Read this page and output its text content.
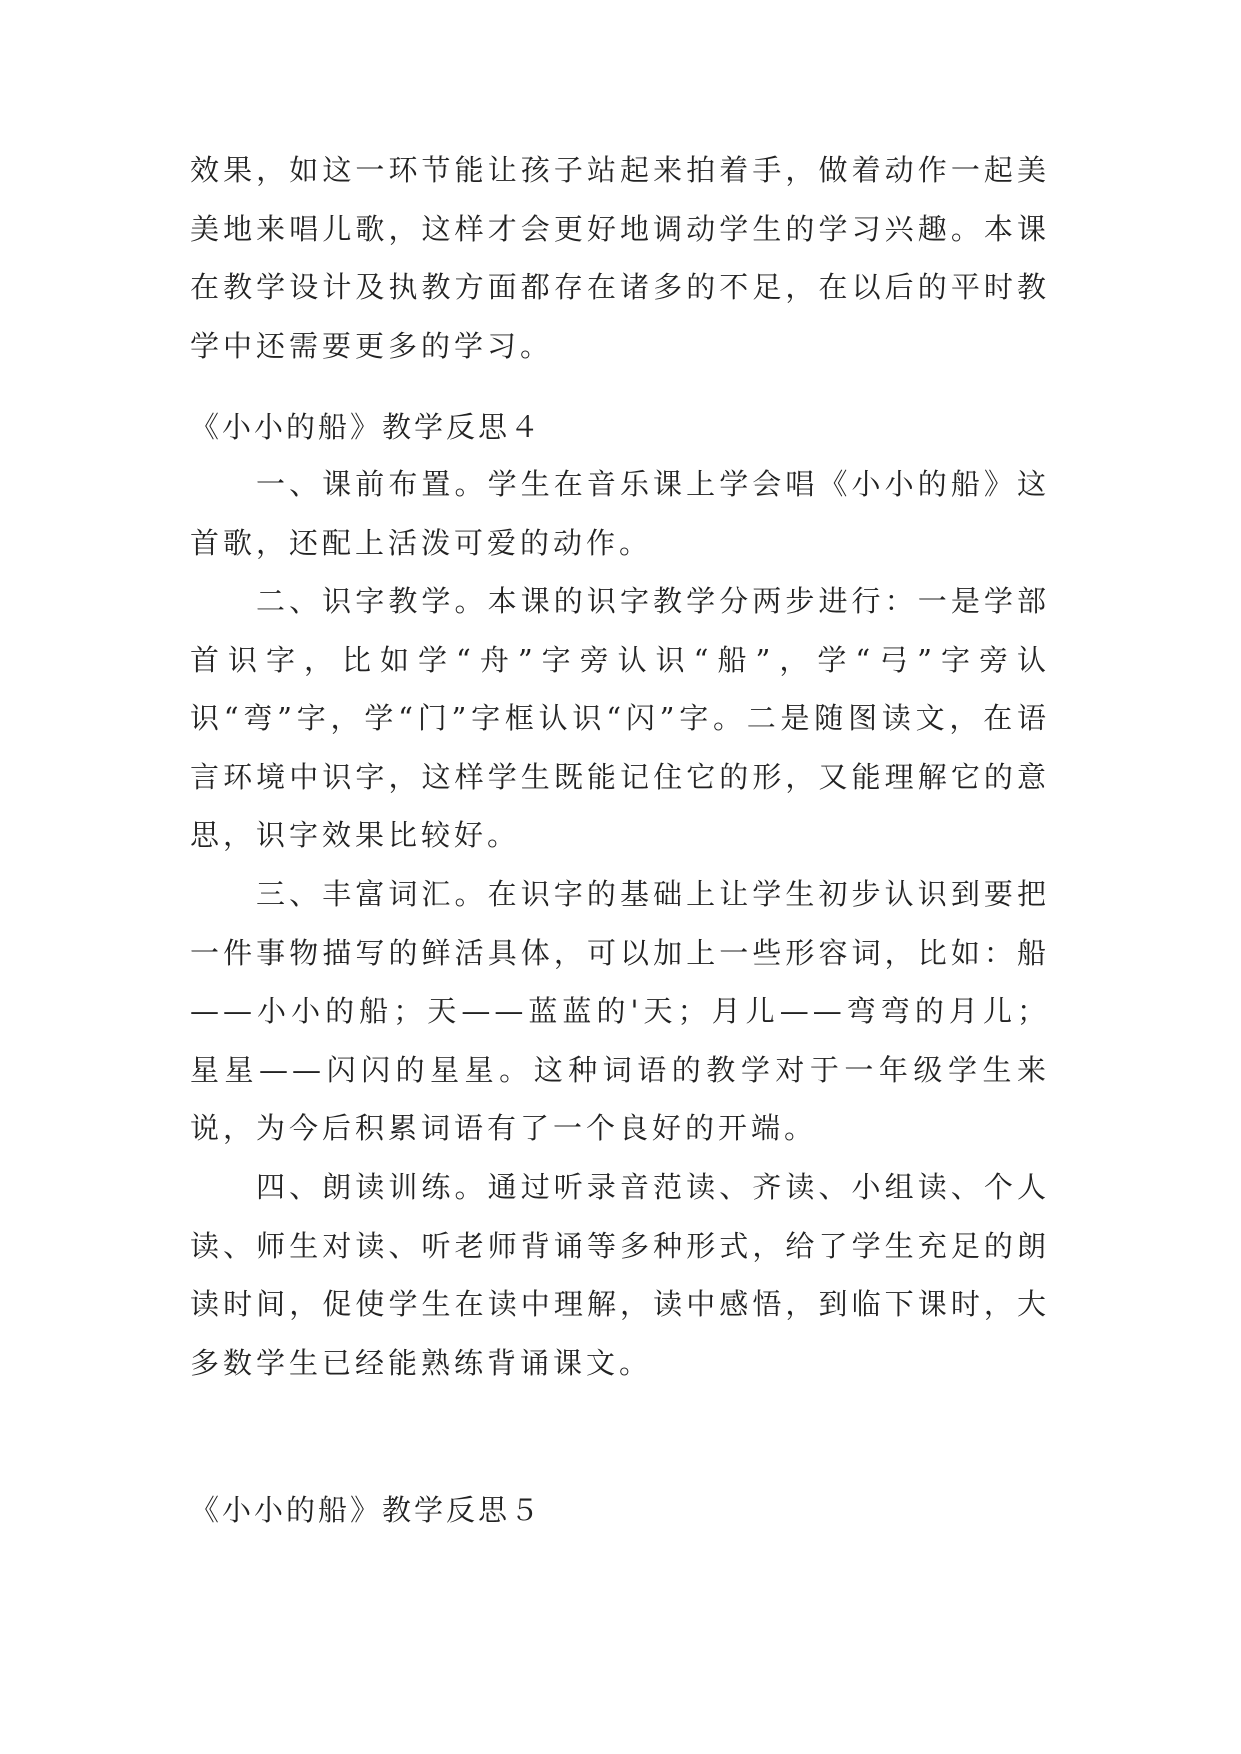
效果，如这一环节能让孩子站起来拍着手，做着动作一起美美地来唱儿歌，这样才会更好地调动学生的学习兴趣。本课在教学设计及执教方面都存在诸多的不足，在以后的平时教学中还需要更多的学习。

《小小的船》教学反思４

一、课前布置。学生在音乐课上学会唱《小小的船》这首歌，还配上活泼可爱的动作。

二、识字教学。本课的识字教学分两步进行：一是学部首识字，比如学“舟”字旁认识“船”，学“弓”字旁认识“弯”字，学“门”字框认识“闪”字。二是随图读文，在语言环境中识字，这样学生既能记住它的形，又能理解它的意思，识字效果比较好。

三、丰富词汇。在识字的基础上让学生初步认识到要把一件事物描写的鲜活具体，可以加上一些形容词，比如：船——小小的船；天——蓝蓝的'天；月儿——弯弯的月儿；星星——闪闪的星星。这种词语的教学对于一年级学生来说，为今后积累词语有了一个良好的开端。

四、朗读训练。通过听录音范读、齐读、小组读、个人读、师生对读、听老师背诵等多种形式，给了学生充足的朗读时间，促使学生在读中理解，读中感悟，到临下课时，大多数学生已经能熟练背诵课文。

《小小的船》教学反思５
